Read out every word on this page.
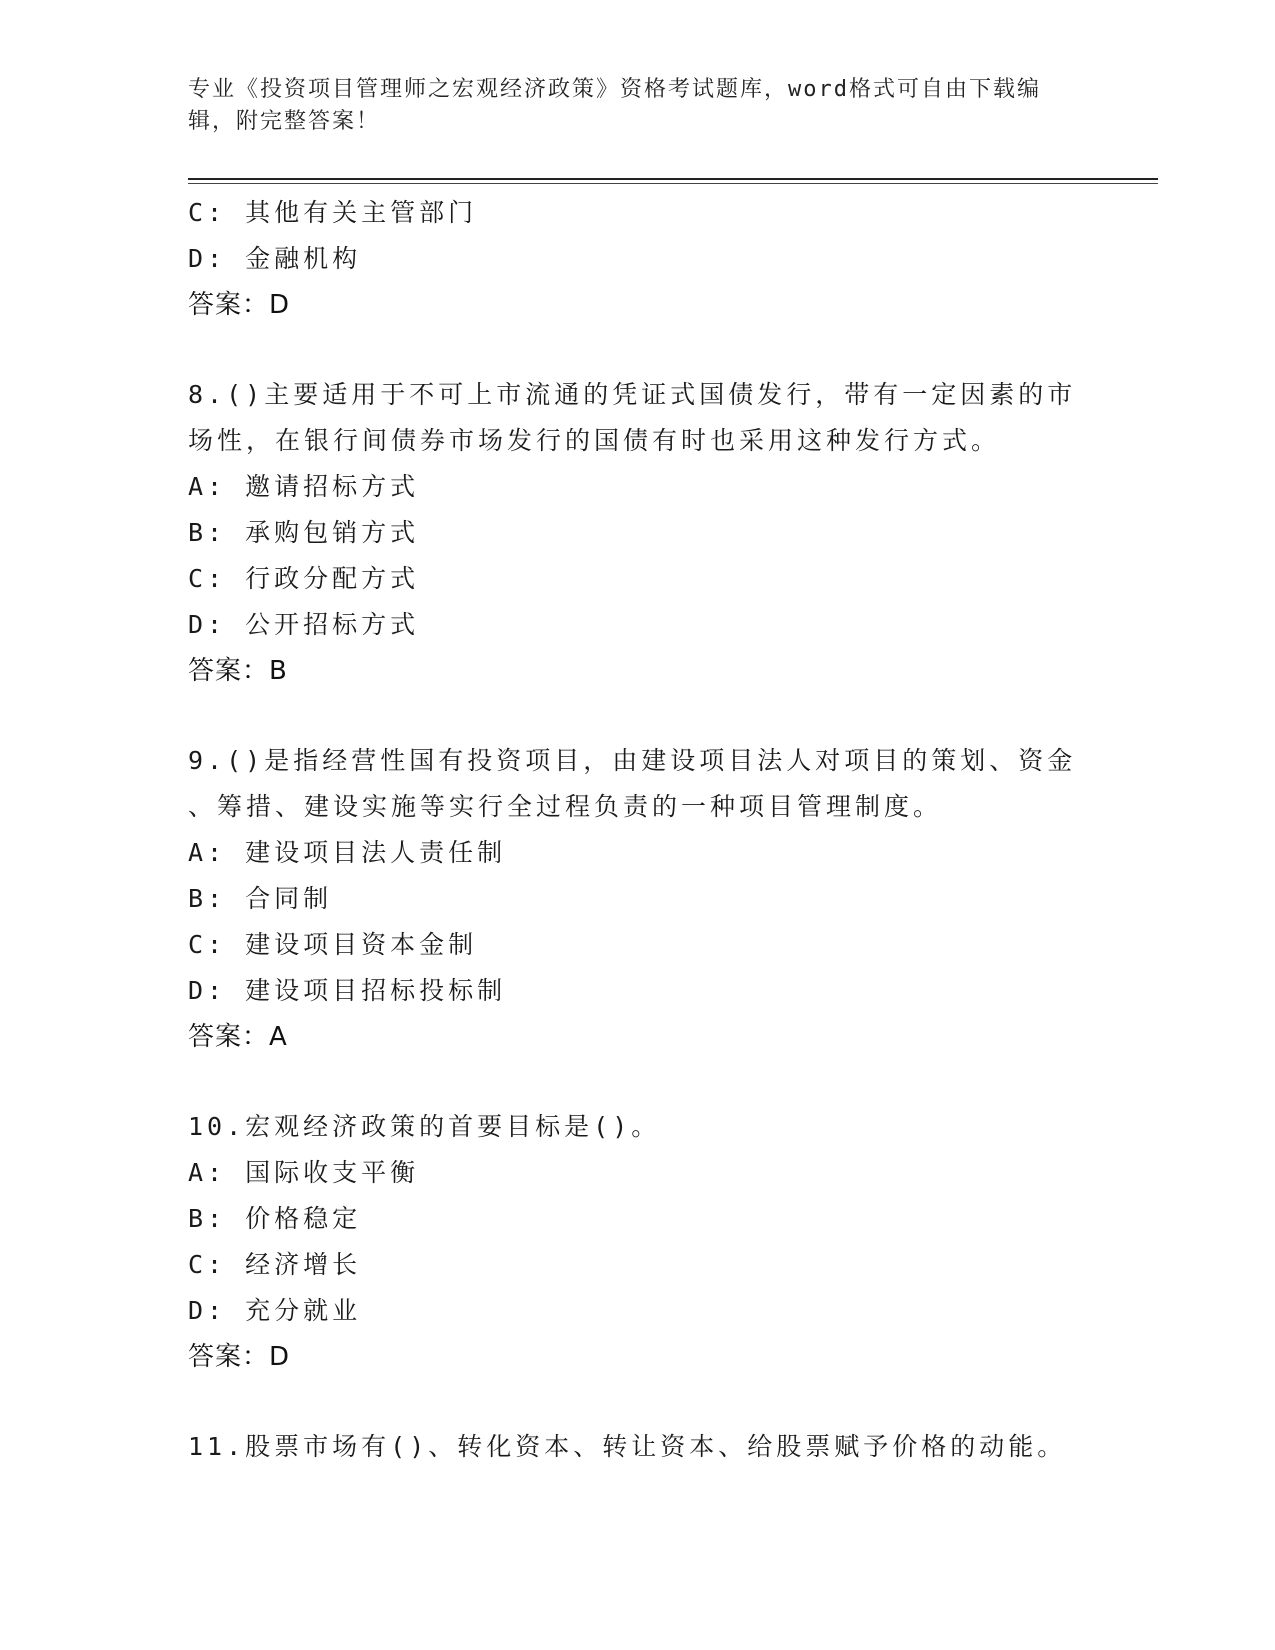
专业《投资项目管理师之宏观经济政策》资格考试题库，word格式可自由下载编
辑，附完整答案！
C: 其他有关主管部门
D: 金融机构
答案：D
8.()主要适用于不可上市流通的凭证式国债发行，带有一定因素的市
场性，在银行间债券市场发行的国债有时也采用这种发行方式。
A: 邀请招标方式
B: 承购包销方式
C: 行政分配方式
D: 公开招标方式
答案：B
9.()是指经营性国有投资项目，由建设项目法人对项目的策划、资金
、筹措、建设实施等实行全过程负责的一种项目管理制度。
A: 建设项目法人责任制
B: 合同制
C: 建设项目资本金制
D: 建设项目招标投标制
答案：A
10.宏观经济政策的首要目标是()。
A: 国际收支平衡
B: 价格稳定
C: 经济增长
D: 充分就业
答案：D
11.股票市场有()、转化资本、转让资本、给股票赋予价格的动能。
